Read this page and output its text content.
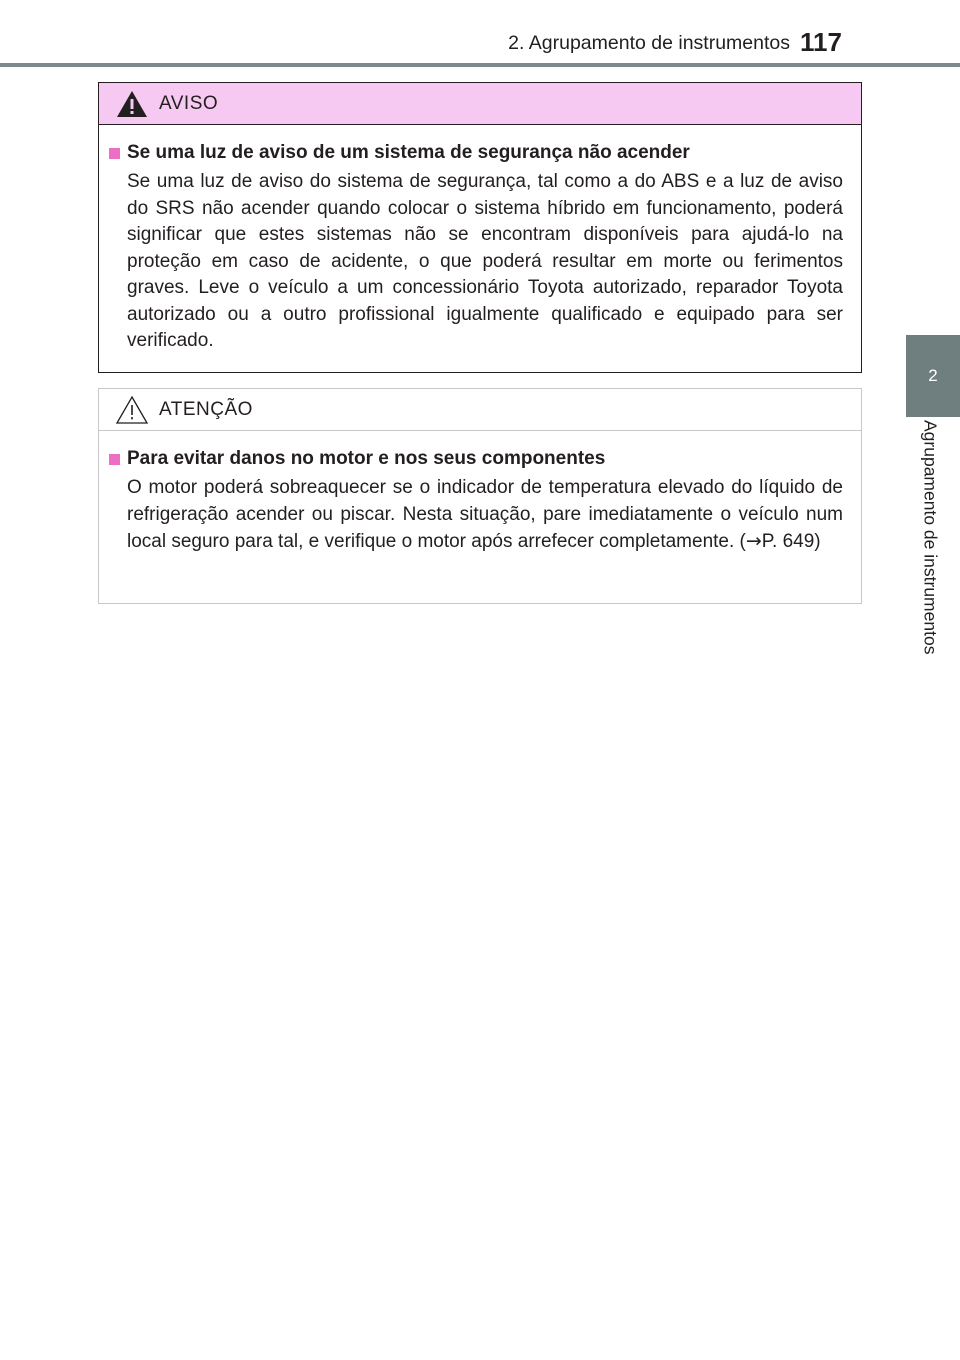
2. Agrupamento de instrumentos 117
2
Agrupamento de instrumentos
AVISO
Se uma luz de aviso de um sistema de segurança não acender
Se uma luz de aviso do sistema de segurança, tal como a do ABS e a luz de aviso do SRS não acender quando colocar o sistema híbrido em funcionamento, poderá significar que estes sistemas não se encontram disponíveis para ajudá-lo na proteção em caso de acidente, o que poderá resultar em morte ou ferimentos graves. Leve o veículo a um concessionário Toyota autorizado, reparador Toyota autorizado ou a outro profissional igualmente qualificado e equipado para ser verificado.
ATENÇÃO
Para evitar danos no motor e nos seus componentes
O motor poderá sobreaquecer se o indicador de temperatura elevado do líquido de refrigeração acender ou piscar. Nesta situação, pare imediatamente o veículo num local seguro para tal, e verifique o motor após arrefecer completamente. (→P. 649)
